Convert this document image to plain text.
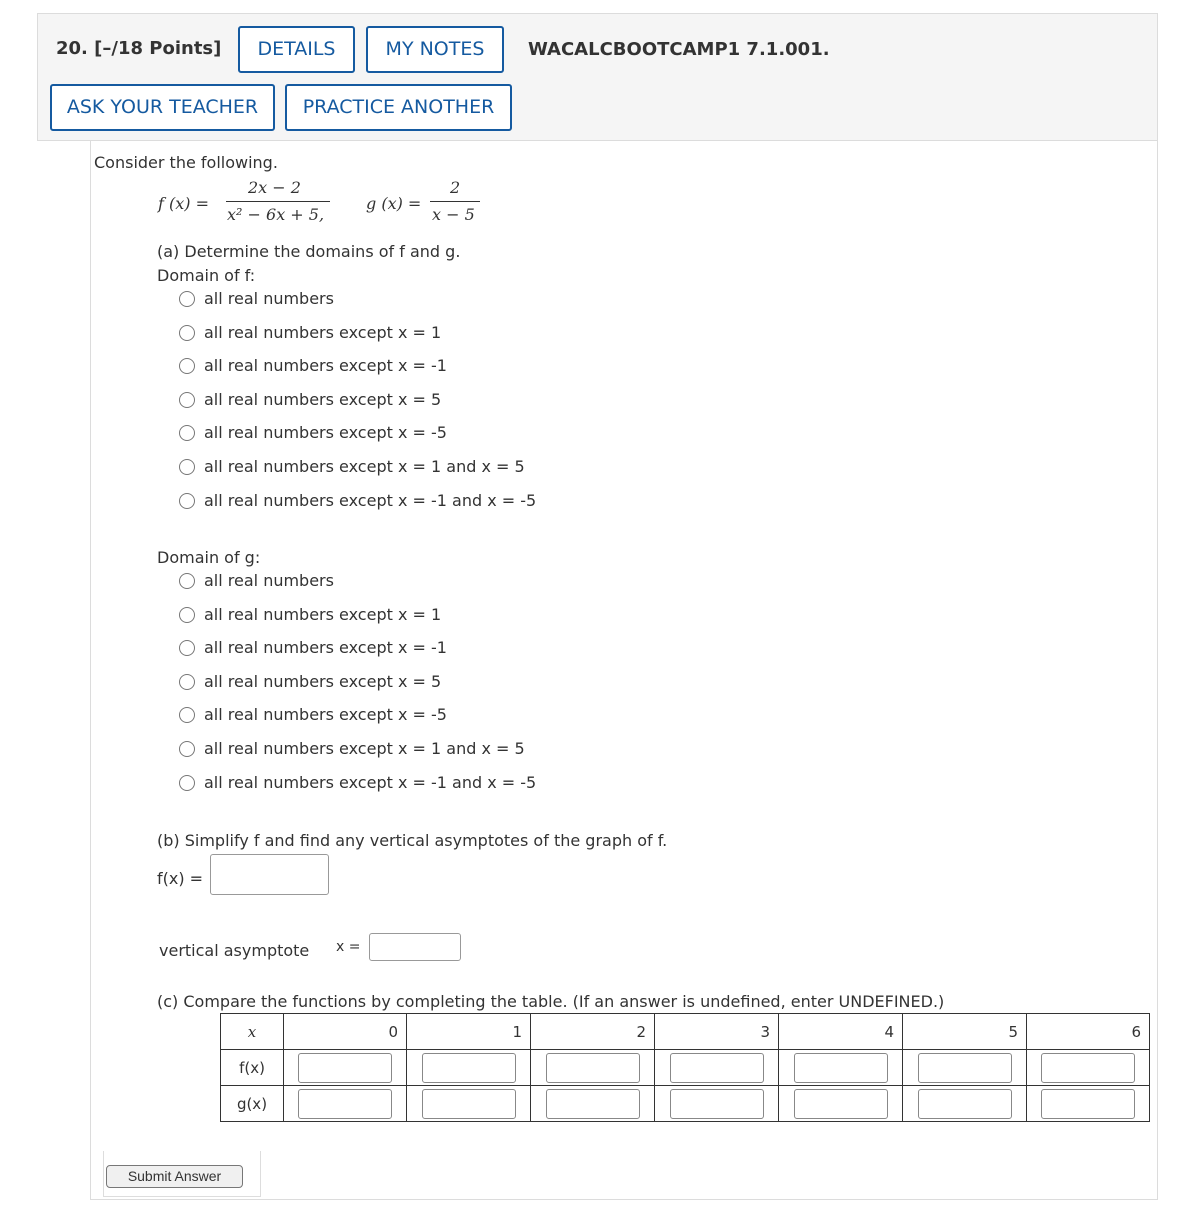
20. [–/18 Points]	DETAILS	MY NOTES	WACALCBOOTCAMP1 7.1.001.
ASK YOUR TEACHER	PRACTICE ANOTHER
Consider the following.
f (x) =
2x − 2
x² − 6x + 5,
g (x) =
2
x − 5
(a) Determine the domains of f and g.
Domain of f:
all real numbers
all real numbers except x = 1
all real numbers except x = -1
all real numbers except x = 5
all real numbers except x = -5
all real numbers except x = 1 and x = 5
all real numbers except x = -1 and x = -5
Domain of g:
all real numbers
all real numbers except x = 1
all real numbers except x = -1
all real numbers except x = 5
all real numbers except x = -5
all real numbers except x = 1 and x = 5
all real numbers except x = -1 and x = -5
(b) Simplify f and find any vertical asymptotes of the graph of f.
f(x) =
vertical asymptote x =
(c) Compare the functions by completing the table. (If an answer is undefined, enter UNDEFINED.)
x	0	1	2	3	4	5	6
f(x)							
g(x)							
Submit Answer
